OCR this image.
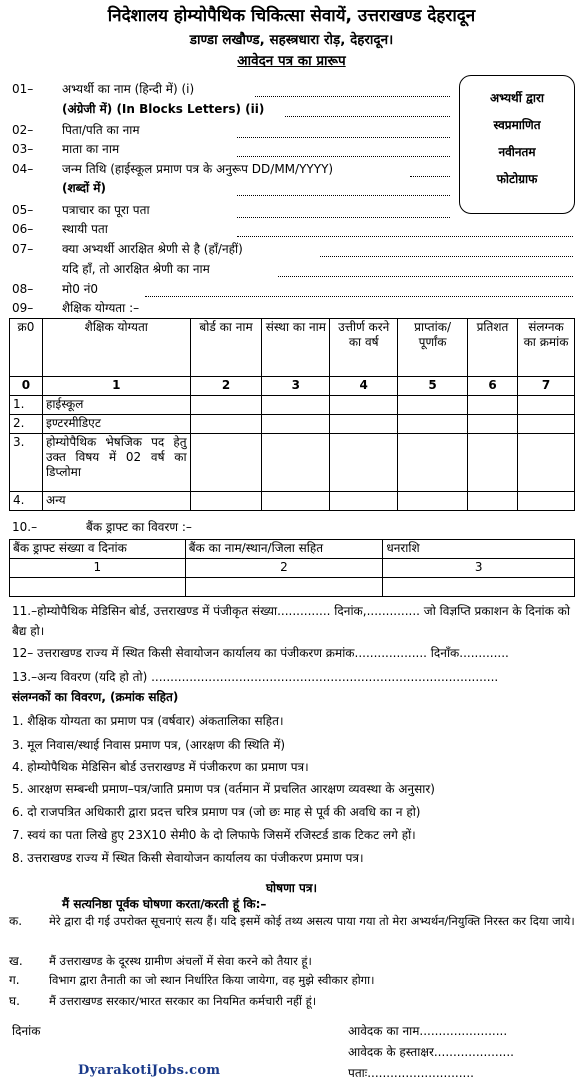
निदेशालय होम्योपैथिक चिकित्सा सेवायें, उत्तराखण्ड देहरादून
डाण्डा लखौण्ड, सहस्त्रधारा रोड़, देहरादून।
आवेदन पत्र का प्रारूप
अभ्यर्थी द्वारा
स्वप्रमाणित
नवीनतम
फोटोग्राफ
01– अभ्यर्थी का नाम (हिन्दी में) (i)
(अंग्रेजी में) (In Blocks Letters) (ii)
02– पिता/पति का नाम
03– माता का नाम
04– जन्म तिथि (हाईस्कूल प्रमाण पत्र के अनुरूप DD/MM/YYYY)
(शब्दों में)
05– पत्राचार का पूरा पता
06– स्थायी पता
07– क्या अभ्यर्थी आरक्षित श्रेणी से है (हाँ/नहीं)
यदि हाँ, तो आरक्षित श्रेणी का नाम
08– मो0 नं0
09– शैक्षिक योग्यता :–
क्र0	शैक्षिक योग्यता	बोर्ड का नाम	संस्था का नाम	उत्तीर्ण करने का वर्ष	प्राप्तांक/पूर्णांक	प्रतिशत	संलग्नक का क्रमांक
0	1	2	3	4	5	6	7
1.	हाईस्कूल						
2.	इण्टरमीडिएट						
3.	होम्योपैथिक भेषजिक पद हेतु उक्त विषय में 02 वर्ष का डिप्लोमा						
4.	अन्य						
10.–	बैंक ड्राफ्ट का विवरण :–
बैंक ड्राफ्ट संख्या व दिनांक	बैंक का नाम/स्थान/जिला सहित	धनराशि
1	2	3

11.–होम्योपैथिक मेडिसिन बोर्ड, उत्तराखण्ड में पंजीकृत संख्या.............. दिनांक,.............. जो विज्ञप्ति प्रकाशन के दिनांक को बैद्य हो।
12– उत्तराखण्ड राज्य में स्थित किसी सेवायोजन कार्यालय का पंजीकरण क्रमांक................... दिनाँक.............
13.–अन्य विवरण (यदि हो तो) ...........................................................................................
संलग्नकों का विवरण, (क्रमांक सहित)
1. शैक्षिक योग्यता का प्रमाण पत्र (वर्षवार) अंकतालिका सहित।
3. मूल निवास/स्थाई निवास प्रमाण पत्र, (आरक्षण की स्थिति में)
4. होम्योपैथिक मेडिसिन बोर्ड उत्तराखण्ड में पंजीकरण का प्रमाण पत्र।
5. आरक्षण सम्बन्धी प्रमाण–पत्र/जाति प्रमाण पत्र (वर्तमान में प्रचलित आरक्षण व्यवस्था के अनुसार)
6. दो राजपत्रित अधिकारी द्वारा प्रदत्त चरित्र प्रमाण पत्र (जो छः माह से पूर्व की अवधि का न हो)
7. स्वयं का पता लिखे हुए 23X10 सेमी0 के दो लिफाफे जिसमें रजिस्टर्ड डाक टिकट लगे हों।
8. उत्तराखण्ड राज्य में स्थित किसी सेवायोजन कार्यालय का पंजीकरण प्रमाण पत्र।
घोषणा पत्र।
मैं सत्यनिष्ठा पूर्वक घोषणा करता/करती हूं कि:–
क.	मेरे द्वारा दी गई उपरोक्त सूचनाएं सत्य हैं। यदि इसमें कोई तथ्य असत्य पाया गया तो मेरा अभ्यर्थन/नियुक्ति निरस्त कर दिया जाये।
ख.	मैं उत्तराखण्ड के दूरस्थ ग्रामीण अंचलों में सेवा करने को तैयार हूं।
ग.	विभाग द्वारा तैनाती का जो स्थान निर्धारित किया जायेगा, वह मुझे स्वीकार होगा।
घ.	मैं उत्तराखण्ड सरकार/भारत सरकार का नियमित कर्मचारी नहीं हूं।
दिनांक	आवेदक का नाम.......................
आवेदक के हस्ताक्षर.....................
पताः............................
DyarakotiJobs.com
